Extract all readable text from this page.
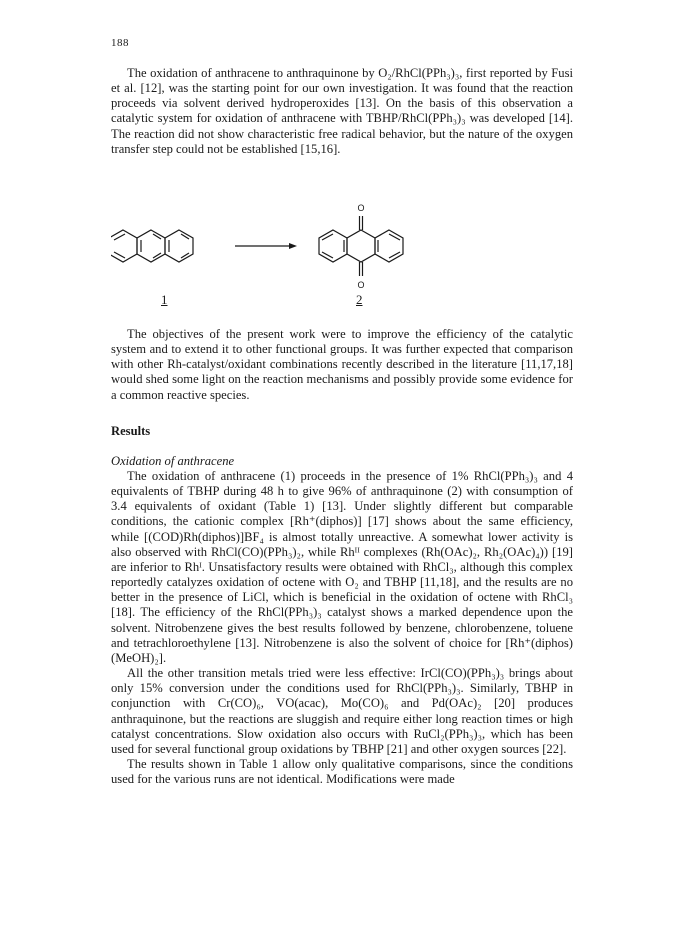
188

The oxidation of anthracene to anthraquinone by O₂/RhCl(PPh₃)₃, first reported by Fusi et al. [12], was the starting point for our own investigation. It was found that the reaction proceeds via solvent derived hydroperoxides [13]. On the basis of this observation a catalytic system for oxidation of anthracene with TBHP/RhCl(PPh₃)₃ was developed [14]. The reaction did not show characteristic free radical behavior, but the nature of the oxygen transfer step could not be established [15,16].

O
O
1	2

The objectives of the present work were to improve the efficiency of the catalytic system and to extend it to other functional groups. It was further expected that comparison with other Rh-catalyst/oxidant combinations recently described in the literature [11,17,18] would shed some light on the reaction mechanisms and possibly provide some evidence for a common reactive species.

Results
Oxidation of anthracene

The oxidation of anthracene (1) proceeds in the presence of 1% RhCl(PPh₃)₃ and 4 equivalents of TBHP during 48 h to give 96% of anthraquinone (2) with consumption of 3.4 equivalents of oxidant (Table 1) [13]. Under slightly different but comparable conditions, the cationic complex [Rh⁺(diphos)] [17] shows about the same efficiency, while [(COD)Rh(diphos)]BF₄ is almost totally unreactive. A somewhat lower activity is also observed with RhCl(CO)(PPh₃)₂, while Rhᴵᴵ complexes (Rh(OAc)₂, Rh₂(OAc)₄)) [19] are inferior to Rhᴵ. Unsatisfactory results were obtained with RhCl₃, although this complex reportedly catalyzes oxidation of octene with O₂ and TBHP [11,18], and the results are no better in the presence of LiCl, which is beneficial in the oxidation of octene with RhCl₃ [18]. The efficiency of the RhCl(PPh₃)₃ catalyst shows a marked dependence upon the solvent. Nitrobenzene gives the best results followed by benzene, chlorobenzene, toluene and tetrachloroethylene [13]. Nitrobenzene is also the solvent of choice for [Rh⁺(diphos)(MeOH)₂].

All the other transition metals tried were less effective: IrCl(CO)(PPh₃)₃ brings about only 15% conversion under the conditions used for RhCl(PPh₃)₃. Similarly, TBHP in conjunction with Cr(CO)₆, VO(acac), Mo(CO)₆ and Pd(OAc)₂ [20] produces anthraquinone, but the reactions are sluggish and require either long reaction times or high catalyst concentrations. Slow oxidation also occurs with RuCl₂(PPh₃)₃, which has been used for several functional group oxidations by TBHP [21] and other oxygen sources [22].

The results shown in Table 1 allow only qualitative comparisons, since the conditions used for the various runs are not identical. Modifications were made
